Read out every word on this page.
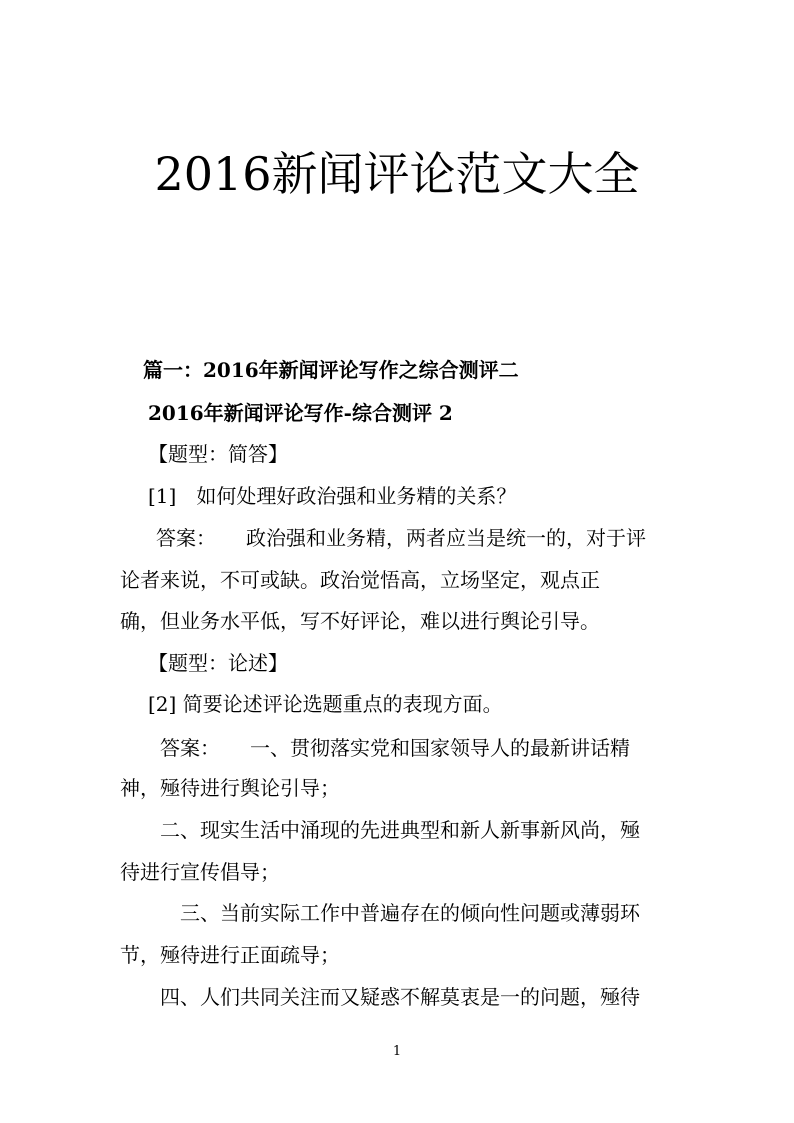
2016新闻评论范文大全
篇一：2016年新闻评论写作之综合测评二
2016年新闻评论写作-综合测评 2
【题型：简答】
[1]　如何处理好政治强和业务精的关系？
答案：　　政治强和业务精，两者应当是统一的，对于评
论者来说，不可或缺。政治觉悟高，立场坚定，观点正
确，但业务水平低，写不好评论，难以进行舆论引导。
【题型：论述】
[2] 简要论述评论选题重点的表现方面。
答案：　　一、贯彻落实党和国家领导人的最新讲话精
神，殛待进行舆论引导；
二、现实生活中涌现的先进典型和新人新事新风尚，殛
待进行宣传倡导；
三、当前实际工作中普遍存在的倾向性问题或薄弱环
节，殛待进行正面疏导；
四、人们共同关注而又疑惑不解莫衷是一的问题，殛待
1
